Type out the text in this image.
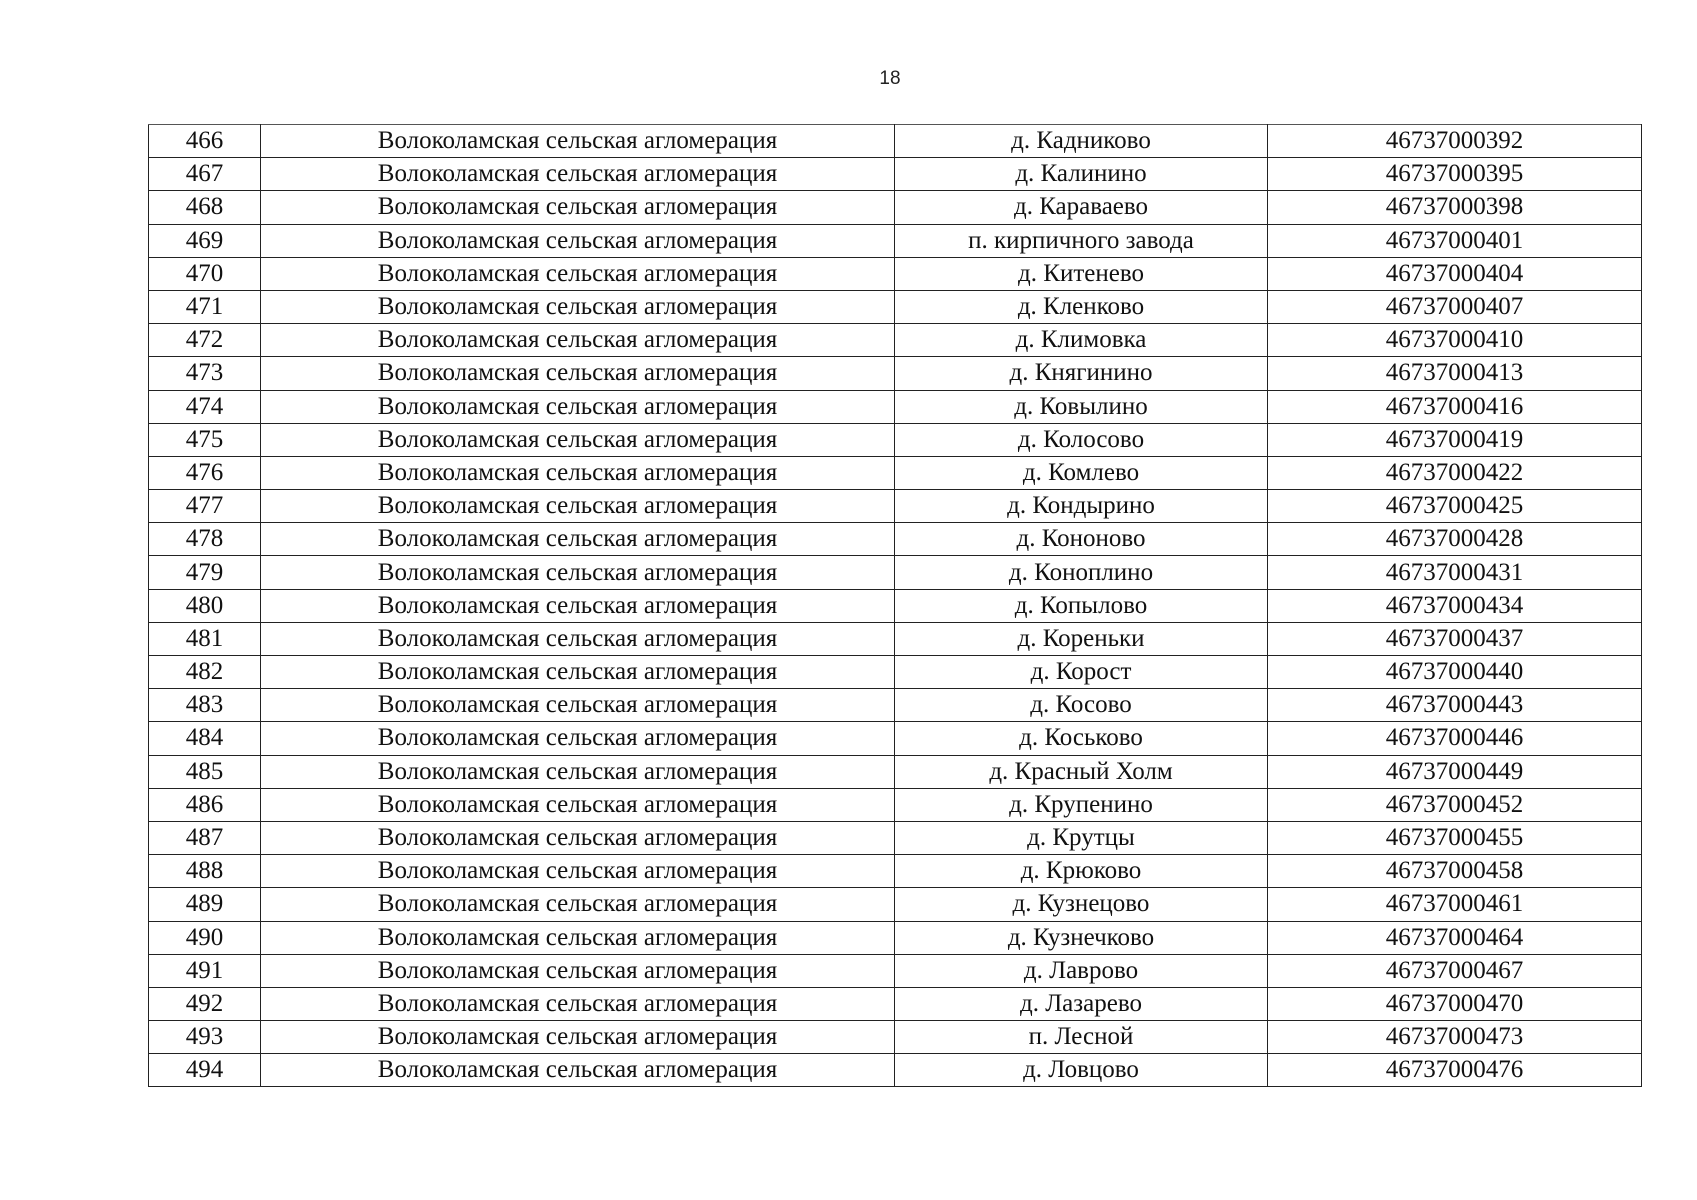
18
466	Волоколамская сельская агломерация	д. Кадниково	46737000392
467	Волоколамская сельская агломерация	д. Калинино	46737000395
468	Волоколамская сельская агломерация	д. Караваево	46737000398
469	Волоколамская сельская агломерация	п. кирпичного завода	46737000401
470	Волоколамская сельская агломерация	д. Китенево	46737000404
471	Волоколамская сельская агломерация	д. Кленково	46737000407
472	Волоколамская сельская агломерация	д. Климовка	46737000410
473	Волоколамская сельская агломерация	д. Княгинино	46737000413
474	Волоколамская сельская агломерация	д. Ковылино	46737000416
475	Волоколамская сельская агломерация	д. Колосово	46737000419
476	Волоколамская сельская агломерация	д. Комлево	46737000422
477	Волоколамская сельская агломерация	д. Кондырино	46737000425
478	Волоколамская сельская агломерация	д. Кононово	46737000428
479	Волоколамская сельская агломерация	д. Коноплино	46737000431
480	Волоколамская сельская агломерация	д. Копылово	46737000434
481	Волоколамская сельская агломерация	д. Кореньки	46737000437
482	Волоколамская сельская агломерация	д. Корост	46737000440
483	Волоколамская сельская агломерация	д. Косово	46737000443
484	Волоколамская сельская агломерация	д. Коськово	46737000446
485	Волоколамская сельская агломерация	д. Красный Холм	46737000449
486	Волоколамская сельская агломерация	д. Крупенино	46737000452
487	Волоколамская сельская агломерация	д. Крутцы	46737000455
488	Волоколамская сельская агломерация	д. Крюково	46737000458
489	Волоколамская сельская агломерация	д. Кузнецово	46737000461
490	Волоколамская сельская агломерация	д. Кузнечково	46737000464
491	Волоколамская сельская агломерация	д. Лаврово	46737000467
492	Волоколамская сельская агломерация	д. Лазарево	46737000470
493	Волоколамская сельская агломерация	п. Лесной	46737000473
494	Волоколамская сельская агломерация	д. Ловцово	46737000476
